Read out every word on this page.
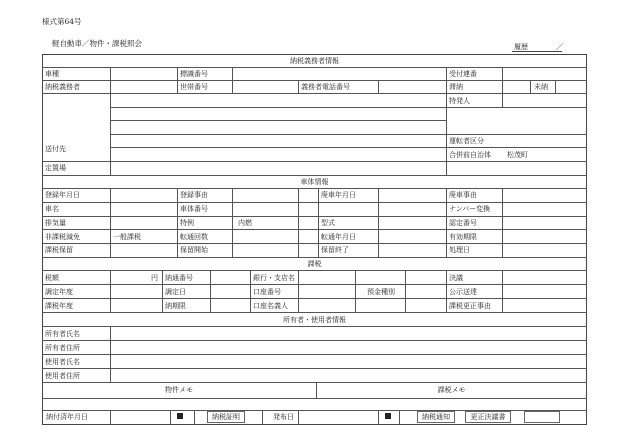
様式第64号
軽自動車／物件・課税照会	履歴	／
納税義務者情報
車種	標識番号	受付連番
納税義務者	世帯番号	義務者電話番号	滞納	未納
特発人
送付先
運転者区分
合併前自治体 松茂町
定置場
車体情報
登録年月日	登録事由	廃車年月日	廃車事由
車名	車体番号	ナンバー変換
排気量	特例	内燃	型式	認定番号
非課税減免	一般課税	転通回数	転通年月日	有効期限
課税保留	保留開始	保留終了	処理日
課税
税額	円 納通番号	銀行・支店名	決議
調定年度	調定日	口座番号	預金種別	公示送達
課税年度	納期限	口座名義人	課税更正事由
所有者・使用者情報
所有者氏名
所有者住所
使用者氏名
使用者住所
物件メモ	課税メモ
納付済年月日	納税証明	発布日	納税通知	更正決議書
